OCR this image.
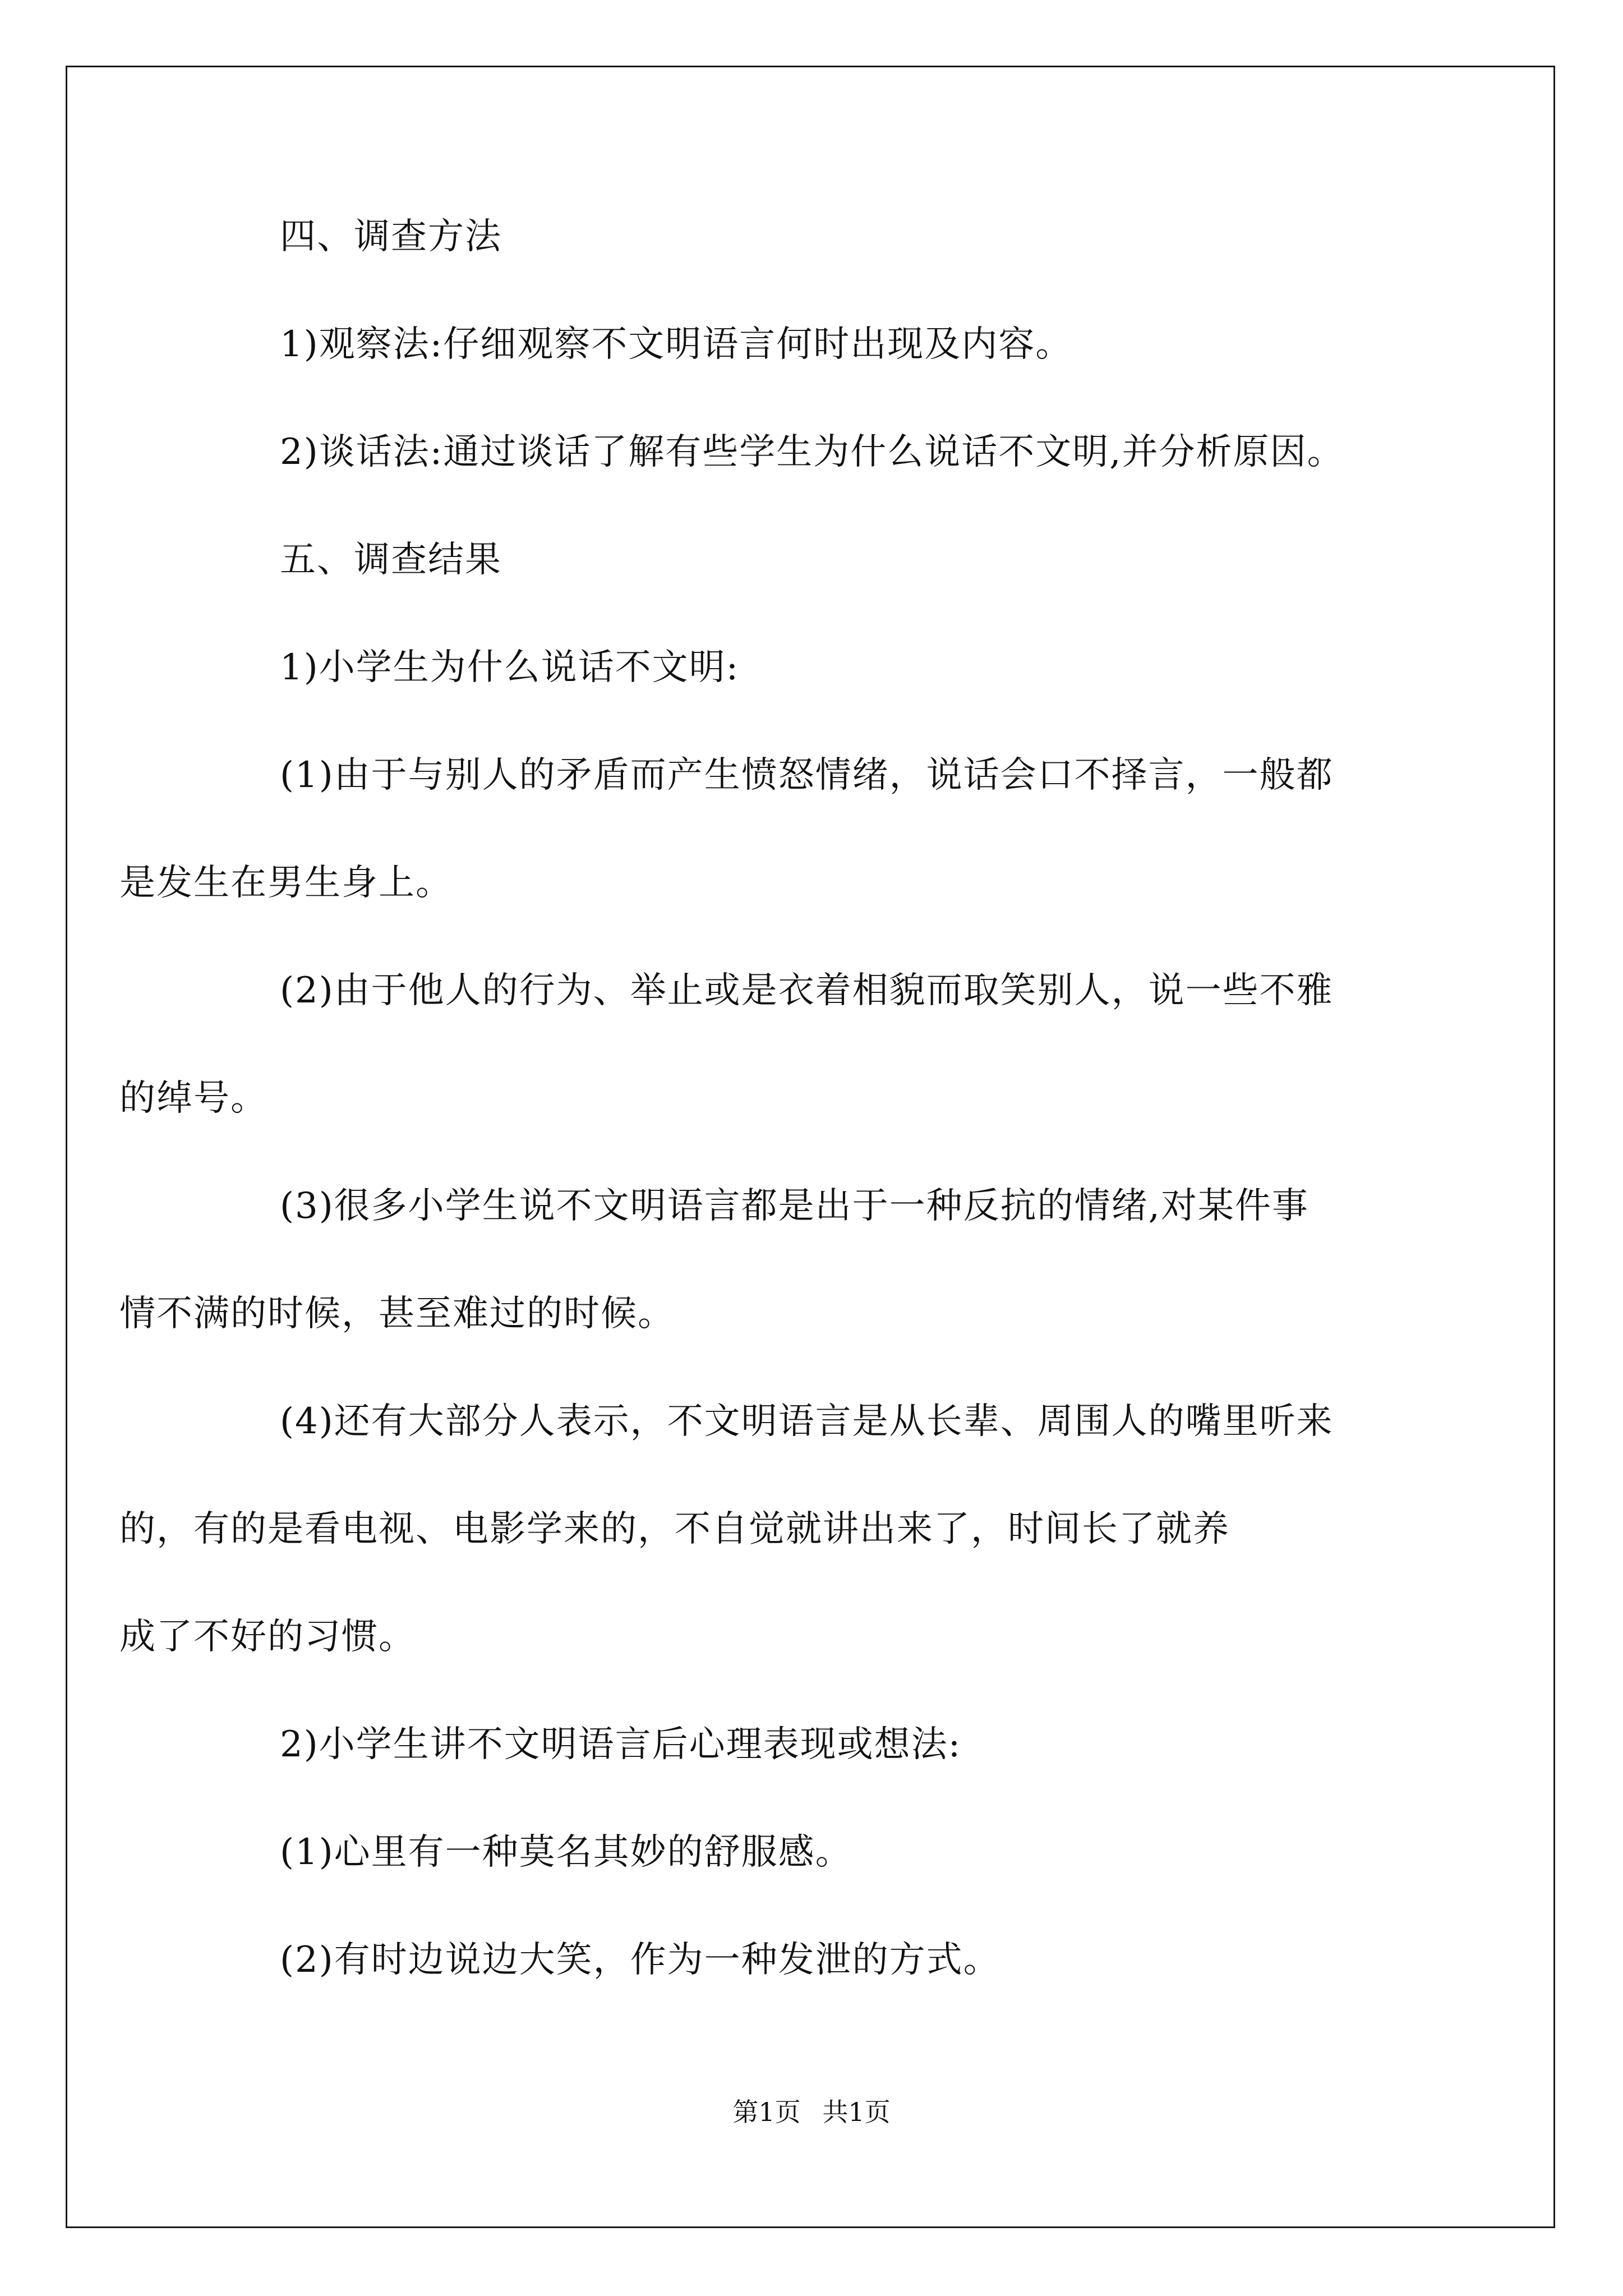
四、调查方法
1)观察法:仔细观察不文明语言何时出现及内容。
2)谈话法:通过谈话了解有些学生为什么说话不文明,并分析原因。
五、调查结果
1)小学生为什么说话不文明:
(1)由于与别人的矛盾而产生愤怒情绪，说话会口不择言，一般都
是发生在男生身上。
(2)由于他人的行为、举止或是衣着相貌而取笑别人，说一些不雅
的绰号。
(3)很多小学生说不文明语言都是出于一种反抗的情绪,对某件事
情不满的时候，甚至难过的时候。
(4)还有大部分人表示，不文明语言是从长辈、周围人的嘴里听来
的，有的是看电视、电影学来的，不自觉就讲出来了，时间长了就养
成了不好的习惯。
2)小学生讲不文明语言后心理表现或想法:
(1)心里有一种莫名其妙的舒服感。
(2)有时边说边大笑，作为一种发泄的方式。
第1页 共1页
